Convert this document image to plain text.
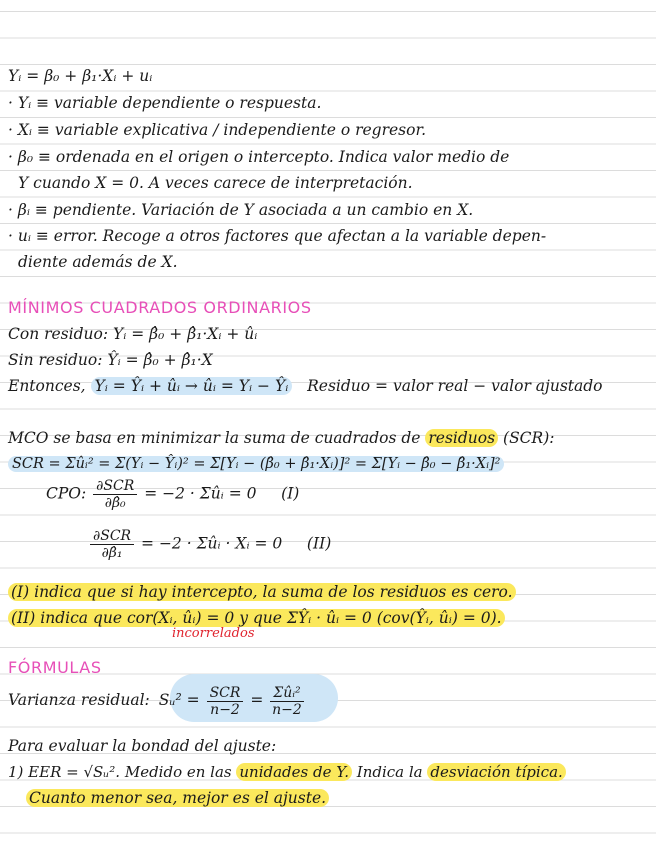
Yᵢ = β₀ + β₁·Xᵢ + uᵢ
· Yᵢ ≡ variable dependiente o respuesta.
· Xᵢ ≡ variable explicativa / independiente o regresor.
· β₀ ≡ ordenada en el origen o intercepto. Indica valor medio de
Y cuando X = 0. A veces carece de interpretación.
· βᵢ ≡ pendiente. Variación de Y asociada a un cambio en X.
· uᵢ ≡ error. Recoge a otros factores que afectan a la variable depen-
diente además de X.
MÍNIMOS CUADRADOS ORDINARIOS
Con residuo: Yᵢ = β̂₀ + β̂₁·Xᵢ + ûᵢ
Sin residuo: Ŷᵢ = β̂₀ + β̂₁·X
Entonces, Yᵢ = Ŷᵢ + ûᵢ → ûᵢ = Yᵢ − Ŷᵢ Residuo = valor real − valor ajustado
MCO se basa en minimizar la suma de cuadrados de residuos (SCR):
SCR = Σûᵢ² = Σ(Yᵢ − Ŷᵢ)² = Σ[Yᵢ − (β̂₀ + β̂₁·Xᵢ)]² = Σ[Yᵢ − β̂₀ − β̂₁·Xᵢ]²
CPO: $\frac{\text{∂SCR}}{\text{∂β̂₀}} = -2$ · Σûᵢ = 0 (I)
$\frac{\text{∂SCR}}{\text{∂β̂₁}} = -2$ · Σûᵢ · Xᵢ = 0 (II)
(I) indica que si hay intercepto, la suma de los residuos es cero.
(II) indica que cor(Xᵢ, ûᵢ) = 0 y que ΣŶᵢ · ûᵢ = 0 (cov(Ŷᵢ, ûᵢ) = 0).
incorrelados
FÓRMULAS
Varianza residual: Sᵤ² = $\frac{\text{SCR}}{n-2} = \frac{\text{Σûᵢ²}}{n-2}$
Para evaluar la bondad del ajuste:
1) EER = √Sᵤ². Medido en las unidades de Y. Indica la desviación típica.
Cuanto menor sea, mejor es el ajuste.
